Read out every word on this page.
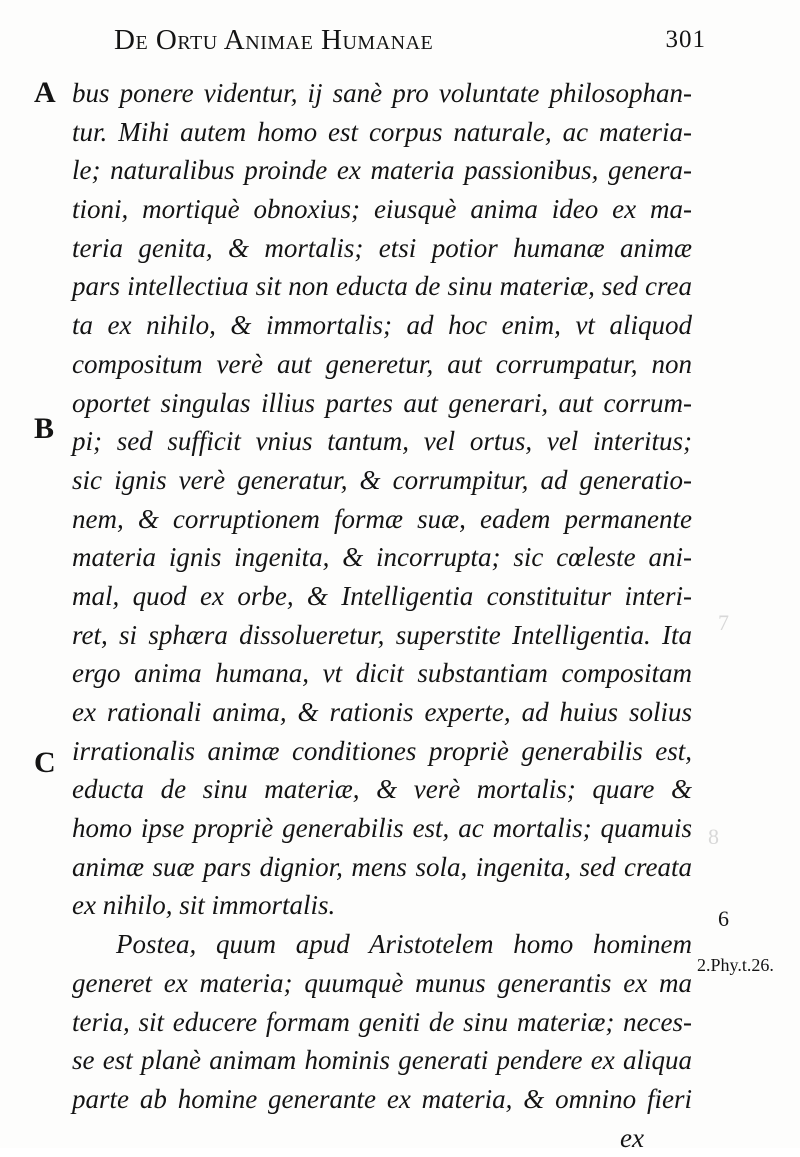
De Ortu Animae Humanae	301
A
B
C
7
8
bus ponere videntur, ij sanè pro voluntate philosophan-
tur. Mihi autem homo est corpus naturale, ac materia-
le; naturalibus proinde ex materia passionibus, genera-
tioni, mortiquè obnoxius; eiusquè anima ideo ex ma-
teria genita, & mortalis; etsi potior humanæ animæ
pars intellectiua sit non educta de sinu materiæ, sed crea
ta ex nihilo, & immortalis; ad hoc enim, vt aliquod
compositum verè aut generetur, aut corrumpatur, non
oportet singulas illius partes aut generari, aut corrum-
pi; sed sufficit vnius tantum, vel ortus, vel interitus;
sic ignis verè generatur, & corrumpitur, ad generatio-
nem, & corruptionem formæ suæ, eadem permanente
materia ignis ingenita, & incorrupta; sic cœleste ani-
mal, quod ex orbe, & Intelligentia constituitur interi-
ret, si sphæra dissolueretur, superstite Intelligentia. Ita
ergo anima humana, vt dicit substantiam compositam
ex rationali anima, & rationis experte, ad huius solius
irrationalis animæ conditiones propriè generabilis est,
educta de sinu materiæ, & verè mortalis; quare &
homo ipse propriè generabilis est, ac mortalis; quamuis
animæ suæ pars dignior, mens sola, ingenita, sed creata
ex nihilo, sit immortalis.
Postea, quum apud Aristotelem homo hominem
generet ex materia; quumquè munus generantis ex ma
teria, sit educere formam geniti de sinu materiæ; neces-
se est planè animam hominis generati pendere ex aliqua
parte ab homine generante ex materia, & omnino fieri
ex
6
2.Phy.t.26.
